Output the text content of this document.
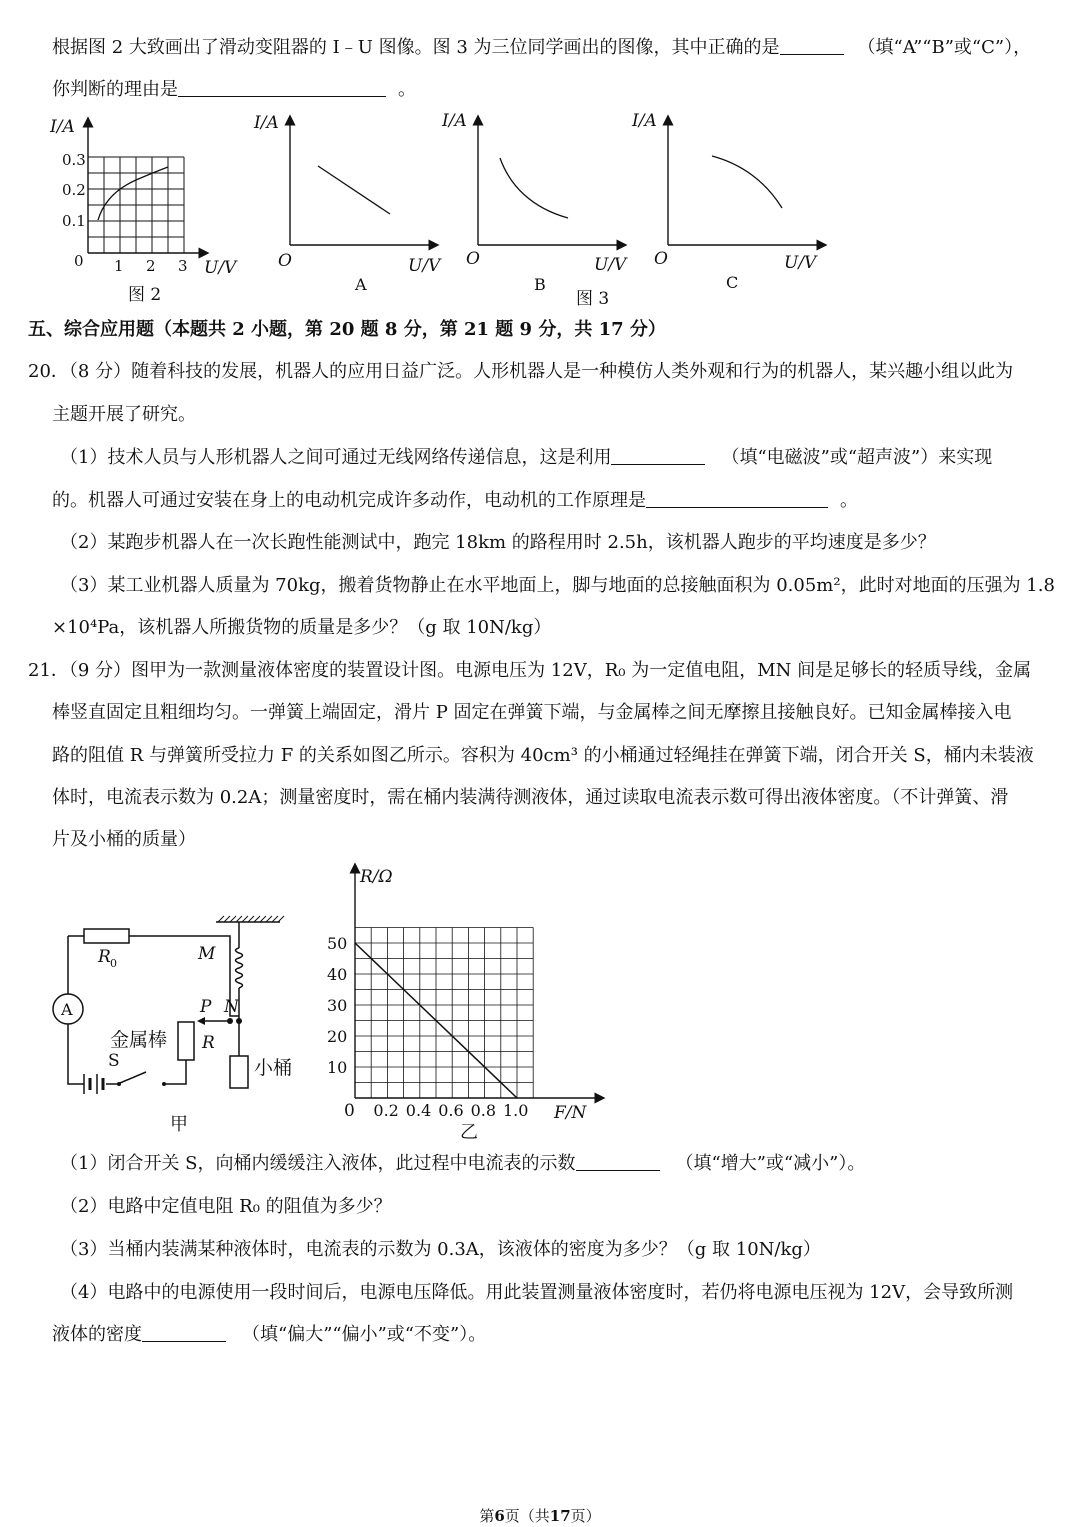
根据图 2 大致画出了滑动变阻器的 I﹣U 图像。图 3 为三位同学画出的图像，其中正确的是	（填“A”“B”或“C”），
你判断的理由是	。
I/A
0.3
0.2
0.1
0 1 2 3 U/V
图 2
I/A
O	U/V
A
I/A
O	U/V
B
图 3
I/A
O	U/V
C
五、综合应用题（本题共 2 小题，第 20 题 8 分，第 21 题 9 分，共 17 分）
20．（8 分）随着科技的发展，机器人的应用日益广泛。人形机器人是一种模仿人类外观和行为的机器人，某兴趣小组以此为
主题开展了研究。
（1）技术人员与人形机器人之间可通过无线网络传递信息，这是利用	（填“电磁波”或“超声波”）来实现
的。机器人可通过安装在身上的电动机完成许多动作，电动机的工作原理是	。
（2）某跑步机器人在一次长跑性能测试中，跑完 18km 的路程用时 2.5h，该机器人跑步的平均速度是多少？
（3）某工业机器人质量为 70kg，搬着货物静止在水平地面上，脚与地面的总接触面积为 0.05m²，此时对地面的压强为 1.8
×10⁴Pa，该机器人所搬货物的质量是多少？（g 取 10N/kg）
21．（9 分）图甲为一款测量液体密度的装置设计图。电源电压为 12V，R₀ 为一定值电阻，MN 间是足够长的轻质导线，金属
棒竖直固定且粗细均匀。一弹簧上端固定，滑片 P 固定在弹簧下端，与金属棒之间无摩擦且接触良好。已知金属棒接入电
路的阻值 R 与弹簧所受拉力 F 的关系如图乙所示。容积为 40cm³ 的小桶通过轻绳挂在弹簧下端，闭合开关 S，桶内未装液
体时，电流表示数为 0.2A；测量密度时，需在桶内装满待测液体，通过读取电流表示数可得出液体密度。（不计弹簧、滑
片及小桶的质量）
R 0
A
S
金属棒 R
M
P N
小桶
甲
0.2 0.4 0.6 0.8 1.0
50
40
30
20
10
R/Ω
F/N
0
乙
（1）闭合开关 S，向桶内缓缓注入液体，此过程中电流表的示数	（填“增大”或“减小”）。
（2）电路中定值电阻 R₀ 的阻值为多少？
（3）当桶内装满某种液体时，电流表的示数为 0.3A，该液体的密度为多少？（g 取 10N/kg）
（4）电路中的电源使用一段时间后，电源电压降低。用此装置测量液体密度时，若仍将电源电压视为 12V，会导致所测
液体的密度	（填“偏大”“偏小”或“不变”）。
第6页（共17页）
